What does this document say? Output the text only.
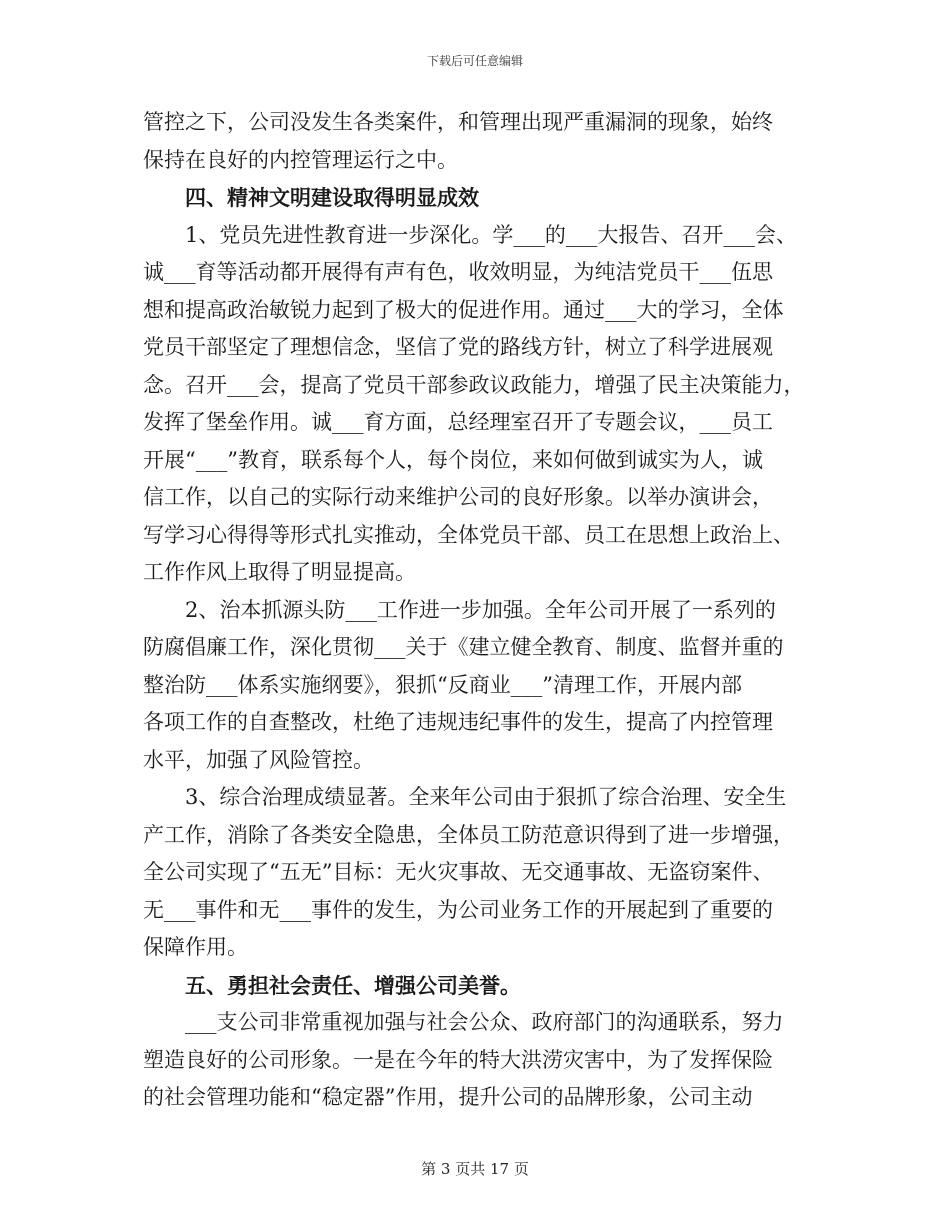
下载后可任意编辑
管控之下，公司没发生各类案件，和管理出现严重漏洞的现象，始终
保持在良好的内控管理运行之中。
四、精神文明建设取得明显成效
1、党员先进性教育进一步深化。学___的___大报告、召开___会、
诚___育等活动都开展得有声有色，收效明显，为纯洁党员干___伍思
想和提高政治敏锐力起到了极大的促进作用。通过___大的学习，全体
党员干部坚定了理想信念，坚信了党的路线方针，树立了科学进展观
念。召开___会，提高了党员干部参政议政能力，增强了民主决策能力，
发挥了堡垒作用。诚___育方面，总经理室召开了专题会议，___员工
开展“___”教育，联系每个人，每个岗位，来如何做到诚实为人，诚
信工作，以自己的实际行动来维护公司的良好形象。以举办演讲会，
写学习心得得等形式扎实推动，全体党员干部、员工在思想上政治上、
工作作风上取得了明显提高。
2、治本抓源头防___工作进一步加强。全年公司开展了一系列的
防腐倡廉工作，深化贯彻___关于《建立健全教育、制度、监督并重的
整治防___体系实施纲要》，狠抓“反商业___”清理工作，开展内部
各项工作的自查整改，杜绝了违规违纪事件的发生，提高了内控管理
水平，加强了风险管控。
3、综合治理成绩显著。全来年公司由于狠抓了综合治理、安全生
产工作，消除了各类安全隐患，全体员工防范意识得到了进一步增强，
全公司实现了“五无”目标：无火灾事故、无交通事故、无盗窃案件、
无___事件和无___事件的发生，为公司业务工作的开展起到了重要的
保障作用。
五、勇担社会责任、增强公司美誉。
___支公司非常重视加强与社会公众、政府部门的沟通联系，努力
塑造良好的公司形象。一是在今年的特大洪涝灾害中，为了发挥保险
的社会管理功能和“稳定器”作用，提升公司的品牌形象，公司主动
第 3 页共 17 页
